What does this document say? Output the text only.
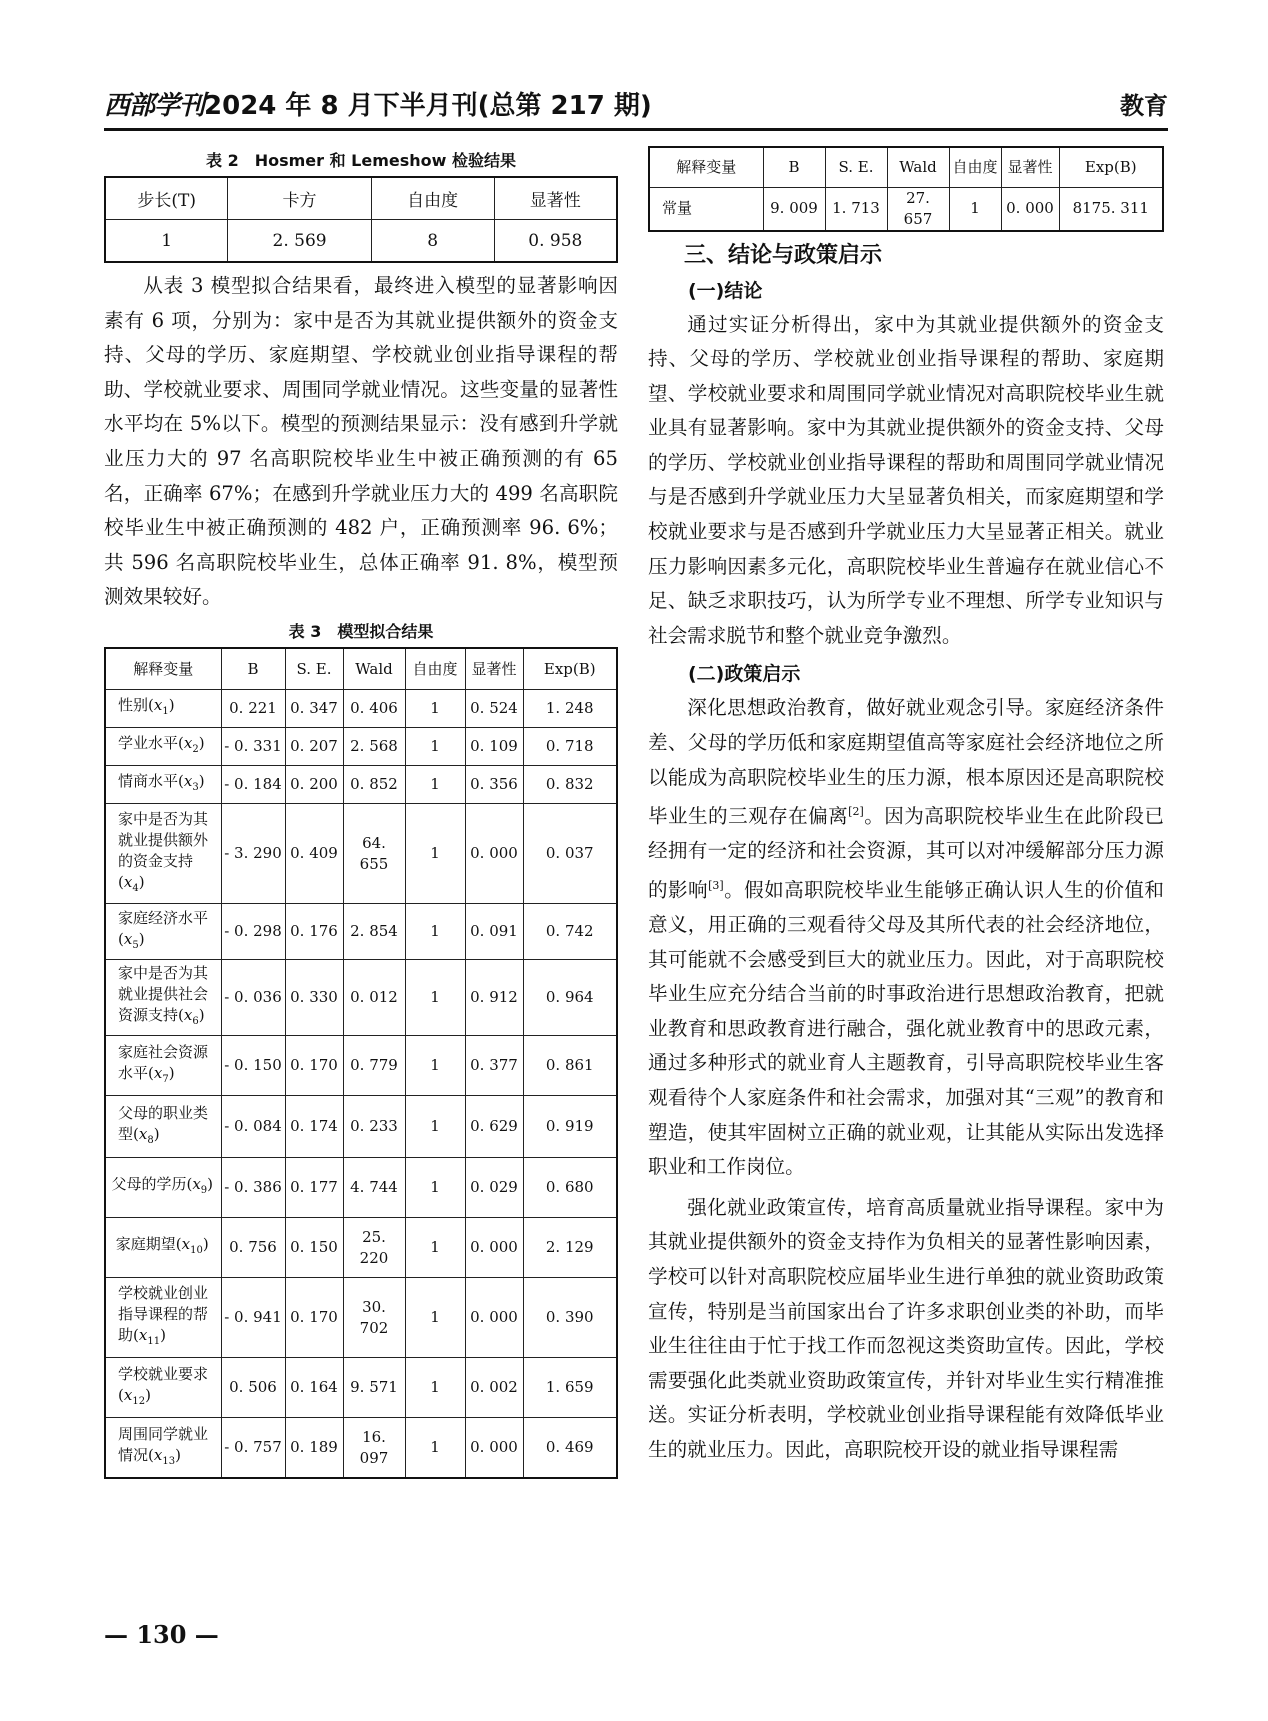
西部学刊2024 年 8 月下半月刊(总第 217 期)	教育
表 2　Hosmer 和 Lemeshow 检验结果
步长(T)	卡方	自由度	显著性
1	2. 569	8	0. 958

从表 3 模型拟合结果看，最终进入模型的显著影响因素有 6 项，分别为：家中是否为其就业提供额外的资金支持、父母的学历、家庭期望、学校就业创业指导课程的帮助、学校就业要求、周围同学就业情况。这些变量的显著性水平均在 5%以下。模型的预测结果显示：没有感到升学就业压力大的 97 名高职院校毕业生中被正确预测的有 65 名，正确率 67%；在感到升学就业压力大的 499 名高职院校毕业生中被正确预测的 482 户，正确预测率 96. 6%；共 596 名高职院校毕业生，总体正确率 91. 8%，模型预测效果较好。

表 3　模型拟合结果
解释变量	B	S. E.	Wald	自由度	显著性	Exp(B)
性别$(x_1)$	0. 221	0. 347	0. 406	1	0. 524	1. 248
学业水平$(x_2)$	- 0. 331	0. 207	2. 568	1	0. 109	0. 718
情商水平$(x_3)$	- 0. 184	0. 200	0. 852	1	0. 356	0. 832
家中是否为其就业提供额外的资金支持$(x_4)$	- 3. 290	0. 409	64. 655	1	0. 000	0. 037
家庭经济水平$(x_5)$	- 0. 298	0. 176	2. 854	1	0. 091	0. 742
家中是否为其就业提供社会资源支持$(x_6)$	- 0. 036	0. 330	0. 012	1	0. 912	0. 964
家庭社会资源水平$(x_7)$	- 0. 150	0. 170	0. 779	1	0. 377	0. 861
父母的职业类型$(x_8)$	- 0. 084	0. 174	0. 233	1	0. 629	0. 919
父母的学历$(x_9)$	- 0. 386	0. 177	4. 744	1	0. 029	0. 680
家庭期望$(x_{10})$	0. 756	0. 150	25. 220	1	0. 000	2. 129
学校就业创业指导课程的帮助$(x_{11})$	- 0. 941	0. 170	30. 702	1	0. 000	0. 390
学校就业要求$(x_{12})$	0. 506	0. 164	9. 571	1	0. 002	1. 659
周围同学就业情况$(x_{13})$	- 0. 757	0. 189	16. 097	1	0. 000	0. 469
解释变量	B	S. E.	Wald	自由度	显著性	Exp(B)
常量	9. 009	1. 713	27. 657	1	0. 000	8175. 311
三、结论与政策启示
(一)结论

通过实证分析得出，家中为其就业提供额外的资金支持、父母的学历、学校就业创业指导课程的帮助、家庭期望、学校就业要求和周围同学就业情况对高职院校毕业生就业具有显著影响。家中为其就业提供额外的资金支持、父母的学历、学校就业创业指导课程的帮助和周围同学就业情况与是否感到升学就业压力大呈显著负相关，而家庭期望和学校就业要求与是否感到升学就业压力大呈显著正相关。就业压力影响因素多元化，高职院校毕业生普遍存在就业信心不足、缺乏求职技巧，认为所学专业不理想、所学专业知识与社会需求脱节和整个就业竞争激烈。

(二)政策启示

深化思想政治教育，做好就业观念引导。家庭经济条件差、父母的学历低和家庭期望值高等家庭社会经济地位之所以能成为高职院校毕业生的压力源，根本原因还是高职院校毕业生的三观存在偏离[2]。因为高职院校毕业生在此阶段已经拥有一定的经济和社会资源，其可以对冲缓解部分压力源的影响[3]。假如高职院校毕业生能够正确认识人生的价值和意义，用正确的三观看待父母及其所代表的社会经济地位，其可能就不会感受到巨大的就业压力。因此，对于高职院校毕业生应充分结合当前的时事政治进行思想政治教育，把就业教育和思政教育进行融合，强化就业教育中的思政元素，通过多种形式的就业育人主题教育，引导高职院校毕业生客观看待个人家庭条件和社会需求，加强对其“三观”的教育和塑造，使其牢固树立正确的就业观，让其能从实际出发选择职业和工作岗位。

强化就业政策宣传，培育高质量就业指导课程。家中为其就业提供额外的资金支持作为负相关的显著性影响因素，学校可以针对高职院校应届毕业生进行单独的就业资助政策宣传，特别是当前国家出台了许多求职创业类的补助，而毕业生往往由于忙于找工作而忽视这类资助宣传。因此，学校需要强化此类就业资助政策宣传，并针对毕业生实行精准推送。实证分析表明，学校就业创业指导课程能有效降低毕业生的就业压力。因此，高职院校开设的就业指导课程需

— 130 —
